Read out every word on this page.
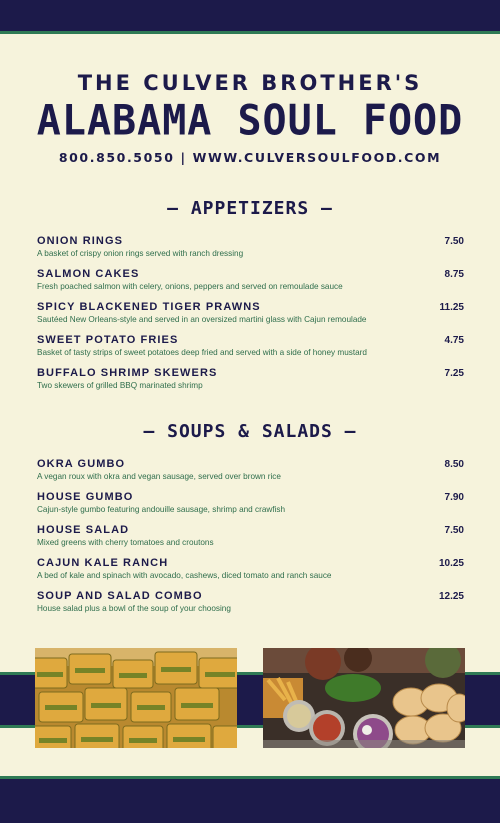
THE CULVER BROTHER'S
ALABAMA SOUL FOOD
800.850.5050 | WWW.CULVERSOULFOOD.COM
– APPETIZERS –
ONION RINGS
A basket of crispy onion rings served with ranch dressing
7.50
SALMON CAKES
Fresh poached salmon with celery, onions, peppers and served on remoulade sauce
8.75
SPICY BLACKENED TIGER PRAWNS
Sautéed New Orleans-style and served in an oversized martini glass with Cajun remoulade
11.25
SWEET POTATO FRIES
Basket of tasty strips of sweet potatoes deep fried and served with a side of honey mustard
4.75
BUFFALO SHRIMP SKEWERS
Two skewers of grilled BBQ marinated shrimp
7.25
– SOUPS & SALADS –
OKRA GUMBO
A vegan roux with okra and vegan sausage, served over brown rice
8.50
HOUSE GUMBO
Cajun-style gumbo featuring andouille sausage, shrimp and crawfish
7.90
HOUSE SALAD
Mixed greens with cherry tomatoes and croutons
7.50
CAJUN KALE RANCH
A bed of kale and spinach with avocado, cashews, diced tomato and ranch sauce
10.25
SOUP AND SALAD COMBO
House salad plus a bowl of the soup of your choosing
12.25
